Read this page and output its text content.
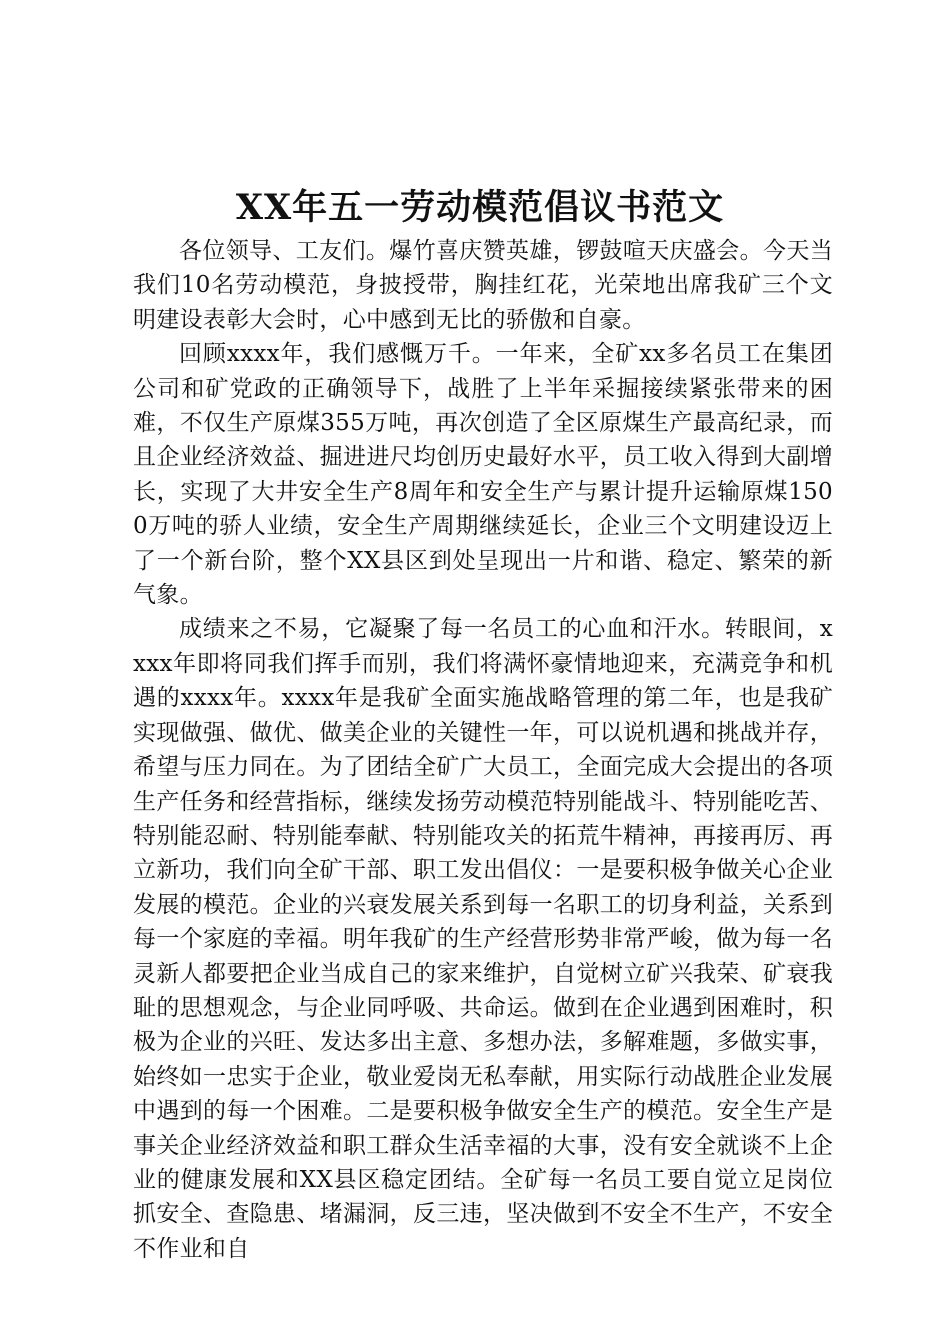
XX年五一劳动模范倡议书范文

各位领导、工友们。爆竹喜庆赞英雄，锣鼓喧天庆盛会。今天当我们10名劳动模范，身披授带，胸挂红花，光荣地出席我矿三个文明建设表彰大会时，心中感到无比的骄傲和自豪。

回顾xxxx年，我们感慨万千。一年来，全矿xx多名员工在集团公司和矿党政的正确领导下，战胜了上半年采掘接续紧张带来的困难，不仅生产原煤355万吨，再次创造了全区原煤生产最高纪录，而且企业经济效益、掘进进尺均创历史最好水平，员工收入得到大副增长，实现了大井安全生产8周年和安全生产与累计提升运输原煤1500万吨的骄人业绩，安全生产周期继续延长，企业三个文明建设迈上了一个新台阶，整个XX县区到处呈现出一片和谐、稳定、繁荣的新气象。

成绩来之不易，它凝聚了每一名员工的心血和汗水。转眼间，xxxx年即将同我们挥手而别，我们将满怀豪情地迎来，充满竞争和机遇的xxxx年。xxxx年是我矿全面实施战略管理的第二年，也是我矿实现做强、做优、做美企业的关键性一年，可以说机遇和挑战并存，希望与压力同在。为了团结全矿广大员工，全面完成大会提出的各项生产任务和经营指标，继续发扬劳动模范特别能战斗、特别能吃苦、特别能忍耐、特别能奉献、特别能攻关的拓荒牛精神，再接再厉、再立新功，我们向全矿干部、职工发出倡仪：一是要积极争做关心企业发展的模范。企业的兴衰发展关系到每一名职工的切身利益，关系到每一个家庭的幸福。明年我矿的生产经营形势非常严峻，做为每一名灵新人都要把企业当成自己的家来维护，自觉树立矿兴我荣、矿衰我耻的思想观念，与企业同呼吸、共命运。做到在企业遇到困难时，积极为企业的兴旺、发达多出主意、多想办法，多解难题，多做实事，始终如一忠实于企业，敬业爱岗无私奉献，用实际行动战胜企业发展中遇到的每一个困难。二是要积极争做安全生产的模范。安全生产是事关企业经济效益和职工群众生活幸福的大事，没有安全就谈不上企业的健康发展和XX县区稳定团结。全矿每一名员工要自觉立足岗位抓安全、查隐患、堵漏洞，反三违，坚决做到不安全不生产，不安全不作业和自
